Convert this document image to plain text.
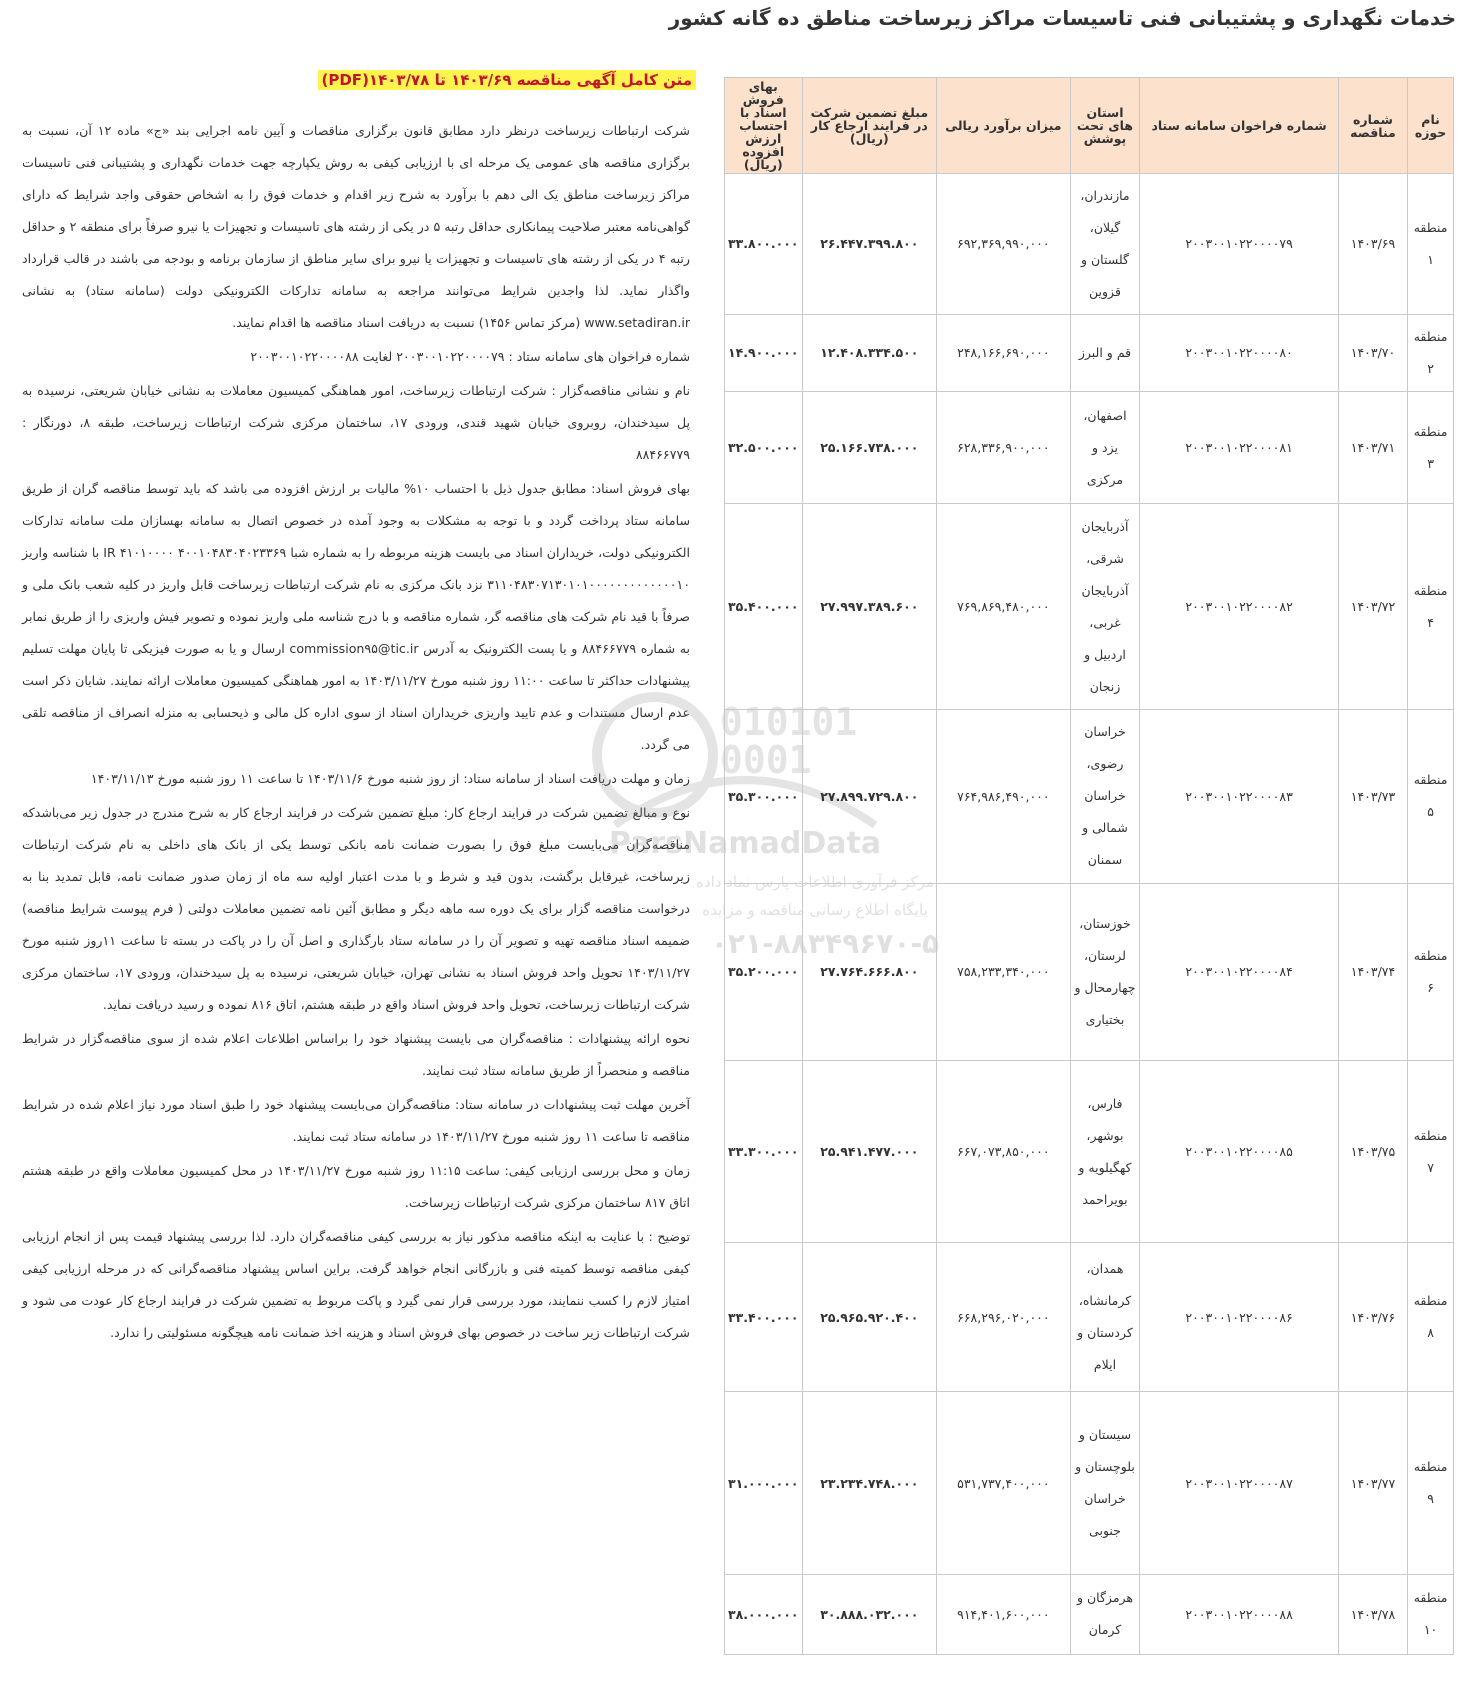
خدمات نگهداری و پشتیبانی فنی تاسیسات مراکز زیرساخت مناطق ده گانه کشور
متن کامل آگهی مناقصه ۱۴۰۳/۶۹ تا ۱۴۰۳/۷۸(PDF)

شرکت ارتباطات زیرساخت درنظر دارد مطابق قانون برگزاری مناقصات و آیین نامه اجرایی بند «ج» ماده ۱۲ آن، نسبت به برگزاری مناقصه های عمومی یک مرحله ای با ارزیابی کیفی به روش یکپارچه جهت خدمات نگهداری و پشتیبانی فنی تاسیسات مراکز زیرساخت مناطق یک الی دهم با برآورد به شرح زیر اقدام و خدمات فوق را به اشخاص حقوقی واجد شرایط که دارای گواهی‌نامه معتبر صلاحیت پیمانکاری حداقل رتبه ۵ در یکی از رشته های تاسیسات و تجهیزات یا نیرو صرفاً برای منطقه ۲ و حداقل رتبه ۴ در یکی از رشته های تاسیسات و تجهیزات یا نیرو برای سایر مناطق از سازمان برنامه و بودجه می باشند در قالب قرارداد واگذار نماید. لذا واجدین شرایط می‌توانند مراجعه به سامانه تدارکات الکترونیکی دولت (سامانه ستاد) به نشانی www.setadiran.ir (مرکز تماس ۱۴۵۶) نسبت به دریافت اسناد مناقصه ها اقدام نمایند.

شماره فراخوان های سامانه ستاد : ۲۰۰۳۰۰۱۰۲۲۰۰۰۰۷۹ لغایت ۲۰۰۳۰۰۱۰۲۲۰۰۰۰۸۸

نام و نشانی مناقصه‌گزار : شرکت ارتباطات زیرساخت، امور هماهنگی کمیسیون معاملات به نشانی خیابان شریعتی، نرسیده به پل سیدخندان، روبروی خیابان شهید قندی، ورودی ۱۷، ساختمان مرکزی شرکت ارتباطات زیرساخت، طبقه ۸، دورنگار : ۸۸۴۶۶۷۷۹

بهای فروش اسناد: مطابق جدول ذیل با احتساب ۱۰% مالیات بر ارزش افزوده می باشد که باید توسط مناقصه گران از طریق سامانه ستاد پرداخت گردد و با توجه به مشکلات به وجود آمده در خصوص اتصال به سامانه بهسازان ملت سامانه تدارکات الکترونیکی دولت، خریداران اسناد می بایست هزینه مربوطه را به شماره شبا IR ۴۱۰۱۰۰۰۰ ۴۰۰۱۰۴۸۳۰۴۰۲۳۳۶۹ با شناسه واریز ۳۱۱۰۴۸۳۰۷۱۳۰۱۰۱۰۰۰۰۰۰۰۰۰۰۰۰۰۱۰ نزد بانک مرکزی به نام شرکت ارتباطات زیرساخت قابل واریز در کلیه شعب بانک ملی و صرفاً با قید نام شرکت های مناقصه گر، شماره مناقصه و با درج شناسه ملی واریز نموده و تصویر فیش واریزی را از طریق نمابر به شماره ۸۸۴۶۶۷۷۹ و یا پست الکترونیک به آدرس commission۹۵@tic.ir ارسال و یا به صورت فیزیکی تا پایان مهلت تسلیم پیشنهادات حداکثر تا ساعت ۱۱:۰۰ روز شنبه مورخ ۱۴۰۳/۱۱/۲۷ به امور هماهنگی کمیسیون معاملات ارائه نمایند. شایان ذکر است عدم ارسال مستندات و عدم تایید واریزی خریداران اسناد از سوی اداره کل مالی و ذیحسابی به منزله انصراف از مناقصه تلقی می گردد.

زمان و مهلت دریافت اسناد از سامانه ستاد: از روز شنبه مورخ ۱۴۰۳/۱۱/۶ تا ساعت ۱۱ روز شنبه مورخ ۱۴۰۳/۱۱/۱۳

نوع و مبالغ تضمین شرکت در فرایند ارجاع کار: مبلغ تضمین شرکت در فرایند ارجاع کار به شرح مندرج در جدول زیر می‌باشدکه مناقصه‌گران می‌بایست مبلغ فوق را بصورت ضمانت نامه بانکی توسط یکی از بانک های داخلی به نام شرکت ارتباطات زیرساخت، غیرقابل برگشت، بدون قید و شرط و با مدت اعتبار اولیه سه ماه از زمان صدور ضمانت نامه، قابل تمدید بنا به درخواست مناقصه گزار برای یک دوره سه ماهه دیگر و مطابق آئین نامه تضمین معاملات دولتی ( فرم پیوست شرایط مناقصه) ضمیمه اسناد مناقصه تهیه و تصویر آن را در سامانه ستاد بارگذاری و اصل آن را در پاکت در بسته تا ساعت ۱۱روز شنبه مورخ ۱۴۰۳/۱۱/۲۷ تحویل واحد فروش اسناد به نشانی تهران، خیابان شریعتی، نرسیده به پل سیدخندان، ورودی ۱۷، ساختمان مرکزی شرکت ارتباطات زیرساخت، تحویل واحد فروش اسناد واقع در طبقه هشتم، اتاق ۸۱۶ نموده و رسید دریافت نماید.

نحوه ارائه پیشنهادات : مناقصه‌گران می بایست پیشنهاد خود را براساس اطلاعات اعلام شده از سوی مناقصه‌گزار در شرایط مناقصه و منحصراً از طریق سامانه ستاد ثبت نمایند.

آخرین مهلت ثبت پیشنهادات در سامانه ستاد: مناقصه‌گران می‌بایست پیشنهاد خود را طبق اسناد مورد نیاز اعلام شده در شرایط مناقصه تا ساعت ۱۱ روز شنبه مورخ ۱۴۰۳/۱۱/۲۷ در سامانه ستاد ثبت نمایند.

زمان و محل بررسی ارزیابی کیفی: ساعت ۱۱:۱۵ روز شنبه مورخ ۱۴۰۳/۱۱/۲۷ در محل کمیسیون معاملات واقع در طبقه هشتم اتاق ۸۱۷ ساختمان مرکزی شرکت ارتباطات زیرساخت.

توضیح : با عنایت به اینکه مناقصه مذکور نیاز به بررسی کیفی مناقصه‌گران دارد. لذا بررسی پیشنهاد قیمت پس از انجام ارزیابی کیفی مناقصه توسط کمیته فنی و بازرگانی انجام خواهد گرفت. براین اساس پیشنهاد مناقصه‌گرانی که در مرحله ارزیابی کیفی امتیاز لازم را کسب ننمایند، مورد بررسی قرار نمی گیرد و پاکت مربوط به تضمین شرکت در فرایند ارجاع کار عودت می شود و شرکت ارتباطات زیر ساخت در خصوص بهای فروش اسناد و هزینه اخذ ضمانت نامه هیچگونه مسئولیتی را ندارد.

010101
0001
ParsNamadData
مرکز فرآوری اطلاعات پارس نماد داده
پایگاه اطلاع رسانی مناقصه و مزایده
۰۲۱-۸۸۳۴۹۶۷۰-۵
نام حوزه	شماره مناقصه	شماره فراخوان سامانه ستاد	استان های تحت پوشش	میزان برآورد ریالی	مبلغ تضمین شرکت در فرایند ارجاع کار (ریال)	بهای فروش اسناد با احتساب ارزش افزوده (ریال)
منطقه ۱	۱۴۰۳/۶۹	۲۰۰۳۰۰۱۰۲۲۰۰۰۰۷۹	مازندران، گیلان، گلستان و قزوین	۶۹۲,۳۶۹,۹۹۰,۰۰۰	۲۶.۴۴۷.۳۹۹.۸۰۰	۳۳.۸۰۰.۰۰۰
منطقه ۲	۱۴۰۳/۷۰	۲۰۰۳۰۰۱۰۲۲۰۰۰۰۸۰	قم و البرز	۲۴۸,۱۶۶,۶۹۰,۰۰۰	۱۲.۴۰۸.۳۳۴.۵۰۰	۱۴.۹۰۰.۰۰۰
منطقه ۳	۱۴۰۳/۷۱	۲۰۰۳۰۰۱۰۲۲۰۰۰۰۸۱	اصفهان، یزد و مرکزی	۶۲۸,۳۳۶,۹۰۰,۰۰۰	۲۵.۱۶۶.۷۳۸.۰۰۰	۳۲.۵۰۰.۰۰۰
منطقه ۴	۱۴۰۳/۷۲	۲۰۰۳۰۰۱۰۲۲۰۰۰۰۸۲	آذربایجان شرقی، آذربایجان غربی، اردبیل و زنجان	۷۶۹,۸۶۹,۴۸۰,۰۰۰	۲۷.۹۹۷.۳۸۹.۶۰۰	۳۵.۴۰۰.۰۰۰
منطقه ۵	۱۴۰۳/۷۳	۲۰۰۳۰۰۱۰۲۲۰۰۰۰۸۳	خراسان رضوی، خراسان شمالی و سمنان	۷۶۴,۹۸۶,۴۹۰,۰۰۰	۲۷.۸۹۹.۷۲۹.۸۰۰	۳۵.۳۰۰.۰۰۰
منطقه ۶	۱۴۰۳/۷۴	۲۰۰۳۰۰۱۰۲۲۰۰۰۰۸۴	خوزستان، لرستان، چهارمحال و بختیاری	۷۵۸,۲۳۳,۳۴۰,۰۰۰	۲۷.۷۶۴.۶۶۶.۸۰۰	۳۵.۲۰۰.۰۰۰
منطقه ۷	۱۴۰۳/۷۵	۲۰۰۳۰۰۱۰۲۲۰۰۰۰۸۵	فارس، بوشهر، کهگیلویه و بویراحمد	۶۶۷,۰۷۳,۸۵۰,۰۰۰	۲۵.۹۴۱.۴۷۷.۰۰۰	۳۳.۳۰۰.۰۰۰
منطقه ۸	۱۴۰۳/۷۶	۲۰۰۳۰۰۱۰۲۲۰۰۰۰۸۶	همدان، کرمانشاه، کردستان و ایلام	۶۶۸,۲۹۶,۰۲۰,۰۰۰	۲۵.۹۶۵.۹۲۰.۴۰۰	۳۳.۴۰۰.۰۰۰
منطقه ۹	۱۴۰۳/۷۷	۲۰۰۳۰۰۱۰۲۲۰۰۰۰۸۷	سیستان و بلوچستان و خراسان جنوبی	۵۳۱,۷۳۷,۴۰۰,۰۰۰	۲۳.۲۳۴.۷۴۸.۰۰۰	۳۱.۰۰۰.۰۰۰
منطقه ۱۰	۱۴۰۳/۷۸	۲۰۰۳۰۰۱۰۲۲۰۰۰۰۸۸	هرمزگان و کرمان	۹۱۴,۴۰۱,۶۰۰,۰۰۰	۳۰.۸۸۸.۰۳۲.۰۰۰	۳۸.۰۰۰.۰۰۰
